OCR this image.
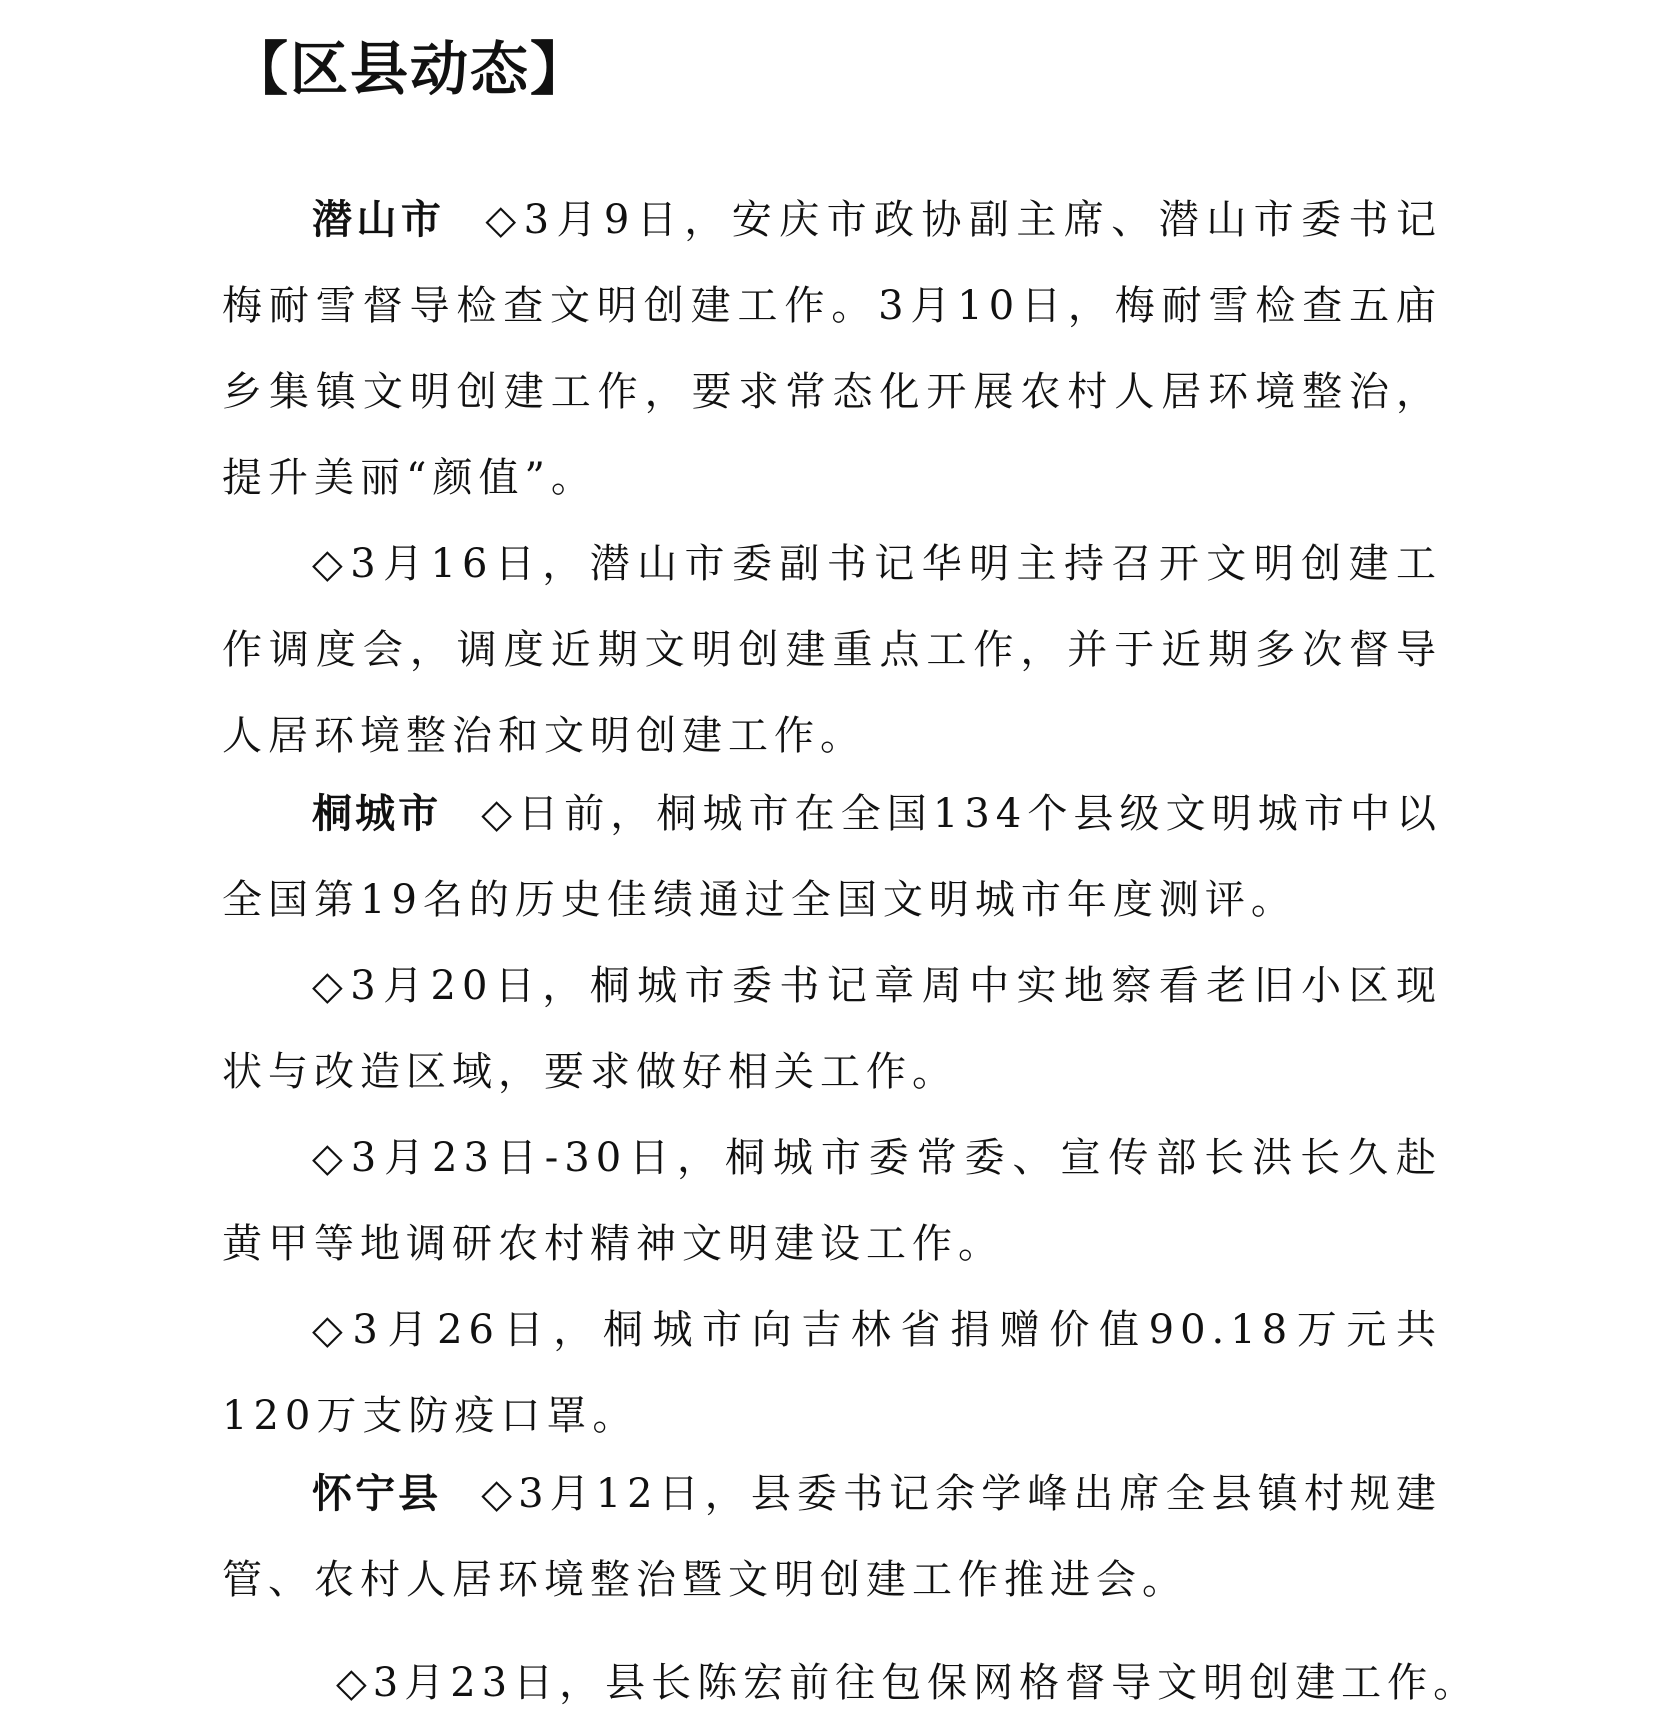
【区县动态】

潜山市 ◇3月9日，安庆市政协副主席、潜山市委书记梅耐雪督导检查文明创建工作。3月10日，梅耐雪检查五庙乡集镇文明创建工作，要求常态化开展农村人居环境整治，提升美丽“颜值”。

◇3月16日，潜山市委副书记华明主持召开文明创建工作调度会，调度近期文明创建重点工作，并于近期多次督导人居环境整治和文明创建工作。

桐城市 ◇日前，桐城市在全国134个县级文明城市中以全国第19名的历史佳绩通过全国文明城市年度测评。

◇3月20日，桐城市委书记章周中实地察看老旧小区现状与改造区域，要求做好相关工作。

◇3月23日-30日，桐城市委常委、宣传部长洪长久赴黄甲等地调研农村精神文明建设工作。

◇3月26日，桐城市向吉林省捐赠价值90.18万元共120万支防疫口罩。

怀宁县 ◇3月12日，县委书记余学峰出席全县镇村规建管、农村人居环境整治暨文明创建工作推进会。

◇3月23日，县长陈宏前往包保网格督导文明创建工作。
